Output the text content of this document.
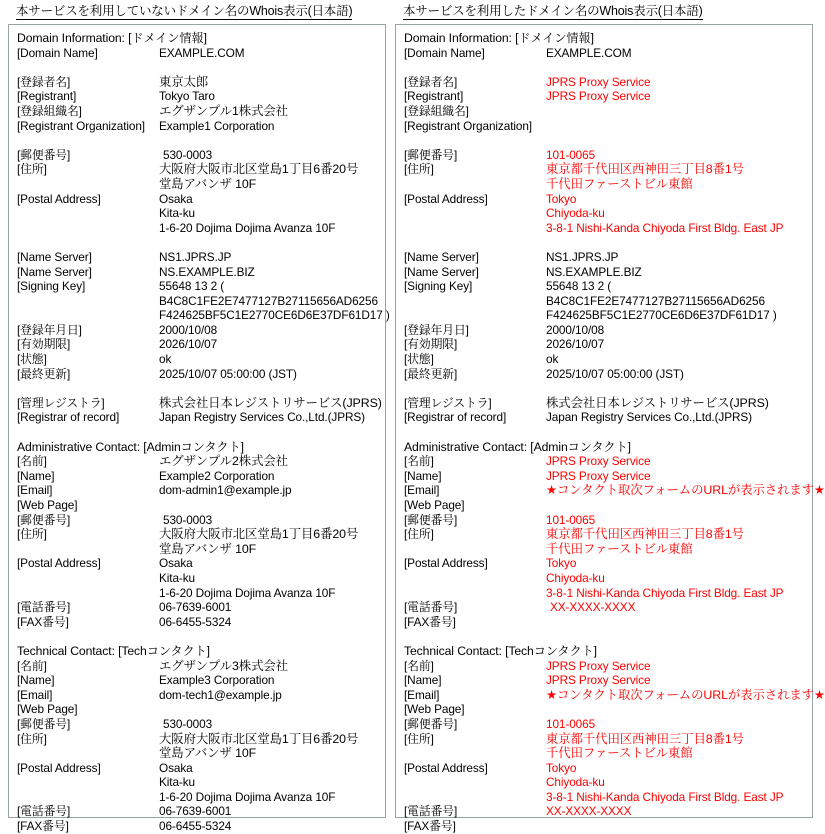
本サービスを利用していないドメイン名のWhois表示(日本語)
Domain Information: [ドメイン情報]
[Domain Name]	EXAMPLE.COM

[登録者名]	東京太郎
[Registrant]	Tokyo Taro
[登録組織名]	エグザンプル1株式会社
[Registrant Organization]	Example1 Corporation

[郵便番号]	530-0003
[住所]	大阪府大阪市北区堂島1丁目6番20号

堂島アバンザ 10F
[Postal Address]	Osaka

Kita-ku

1-6-20 Dojima Dojima Avanza 10F

[Name Server]	NS1.JPRS.JP
[Name Server]	NS.EXAMPLE.BIZ
[Signing Key]	55648 13 2 (

B4C8C1FE2E7477127B27115656AD6256

F424625BF5C1E2770CE6D6E37DF61D17 )
[登録年月日]	2000/10/08
[有効期限]	2026/10/07
[状態]	ok
[最終更新]	2025/10/07 05:00:00 (JST)

[管理レジストラ]	株式会社日本レジストリサービス(JPRS)
[Registrar of record]	Japan Registry Services Co.,Ltd.(JPRS)

Administrative Contact: [Adminコンタクト]
[名前]	エグザンプル2株式会社
[Name]	Example2 Corporation
[Email]	dom-admin1@example.jp
[Web Page]

[郵便番号]	530-0003
[住所]	大阪府大阪市北区堂島1丁目6番20号

堂島アバンザ 10F
[Postal Address]	Osaka

Kita-ku

1-6-20 Dojima Dojima Avanza 10F
[電話番号]	06-7639-6001
[FAX番号]	06-6455-5324

Technical Contact: [Techコンタクト]
[名前]	エグザンプル3株式会社
[Name]	Example3 Corporation
[Email]	dom-tech1@example.jp
[Web Page]

[郵便番号]	530-0003
[住所]	大阪府大阪市北区堂島1丁目6番20号

堂島アバンザ 10F
[Postal Address]	Osaka

Kita-ku

1-6-20 Dojima Dojima Avanza 10F
[電話番号]	06-7639-6001
[FAX番号]	06-6455-5324
本サービスを利用したドメイン名のWhois表示(日本語)
Domain Information: [ドメイン情報]
[Domain Name]	EXAMPLE.COM

[登録者名]	JPRS Proxy Service
[Registrant]	JPRS Proxy Service
[登録組織名]

[Registrant Organization]

[郵便番号]	101-0065
[住所]	東京都千代田区西神田三丁目8番1号

千代田ファーストビル東館
[Postal Address]	Tokyo

Chiyoda-ku

3-8-1 Nishi-Kanda Chiyoda First Bldg. East JP

[Name Server]	NS1.JPRS.JP
[Name Server]	NS.EXAMPLE.BIZ
[Signing Key]	55648 13 2 (

B4C8C1FE2E7477127B27115656AD6256

F424625BF5C1E2770CE6D6E37DF61D17 )
[登録年月日]	2000/10/08
[有効期限]	2026/10/07
[状態]	ok
[最終更新]	2025/10/07 05:00:00 (JST)

[管理レジストラ]	株式会社日本レジストリサービス(JPRS)
[Registrar of record]	Japan Registry Services Co.,Ltd.(JPRS)

Administrative Contact: [Adminコンタクト]
[名前]	JPRS Proxy Service
[Name]	JPRS Proxy Service
[Email]	★コンタクト取次フォームのURLが表示されます★
[Web Page]

[郵便番号]	101-0065
[住所]	東京都千代田区西神田三丁目8番1号

千代田ファーストビル東館
[Postal Address]	Tokyo

Chiyoda-ku

3-8-1 Nishi-Kanda Chiyoda First Bldg. East JP
[電話番号]	XX-XXXX-XXXX
[FAX番号]

Technical Contact: [Techコンタクト]
[名前]	JPRS Proxy Service
[Name]	JPRS Proxy Service
[Email]	★コンタクト取次フォームのURLが表示されます★
[Web Page]

[郵便番号]	101-0065
[住所]	東京都千代田区西神田三丁目8番1号

千代田ファーストビル東館
[Postal Address]	Tokyo

Chiyoda-ku

3-8-1 Nishi-Kanda Chiyoda First Bldg. East JP
[電話番号]	XX-XXXX-XXXX
[FAX番号]
